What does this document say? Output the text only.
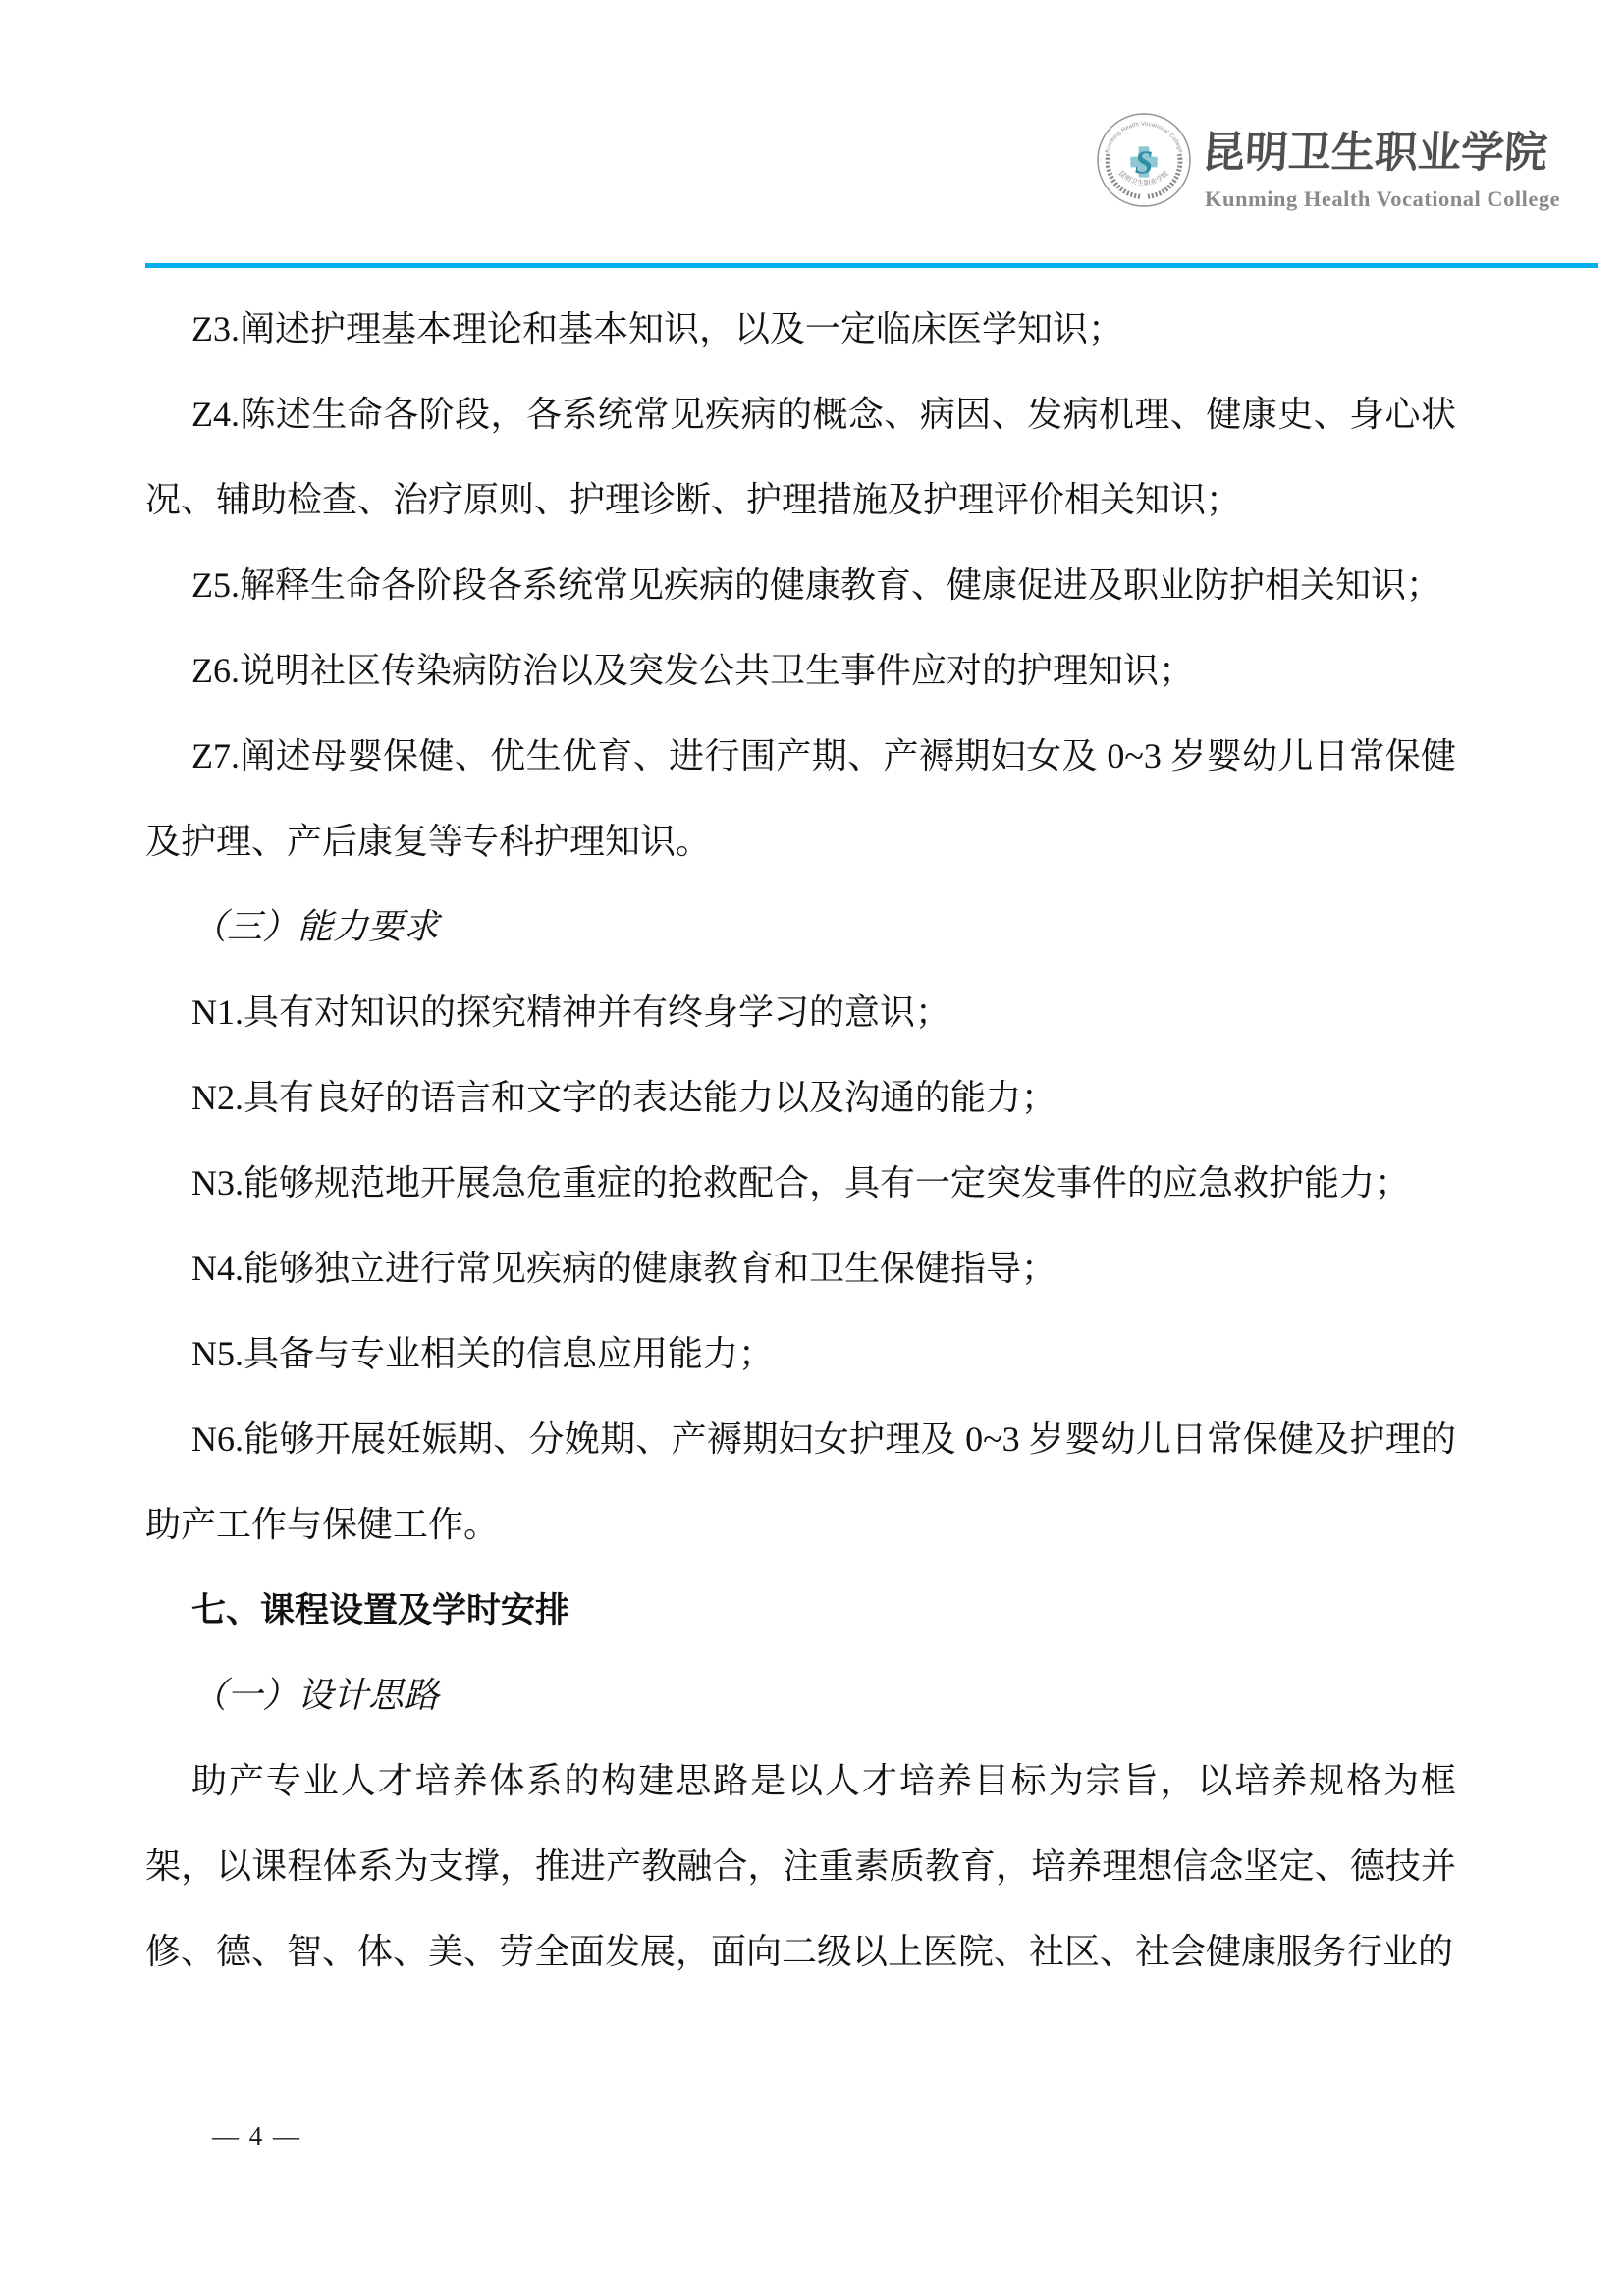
Kunming Health Vocational College
S
昆明卫生职业学院 昆明卫生职业学院
Kunming Health Vocational College

Z3.阐述护理基本理论和基本知识，以及一定临床医学知识；

Z4.陈述生命各阶段，各系统常见疾病的概念、病因、发病机理、健康史、身心状况、辅助检查、治疗原则、护理诊断、护理措施及护理评价相关知识；

Z5.解释生命各阶段各系统常见疾病的健康教育、健康促进及职业防护相关知识；

Z6.说明社区传染病防治以及突发公共卫生事件应对的护理知识；

Z7.阐述母婴保健、优生优育、进行围产期、产褥期妇女及 0~3 岁婴幼儿日常保健及护理、产后康复等专科护理知识。

（三）能力要求

N1.具有对知识的探究精神并有终身学习的意识；

N2.具有良好的语言和文字的表达能力以及沟通的能力；

N3.能够规范地开展急危重症的抢救配合，具有一定突发事件的应急救护能力；

N4.能够独立进行常见疾病的健康教育和卫生保健指导；

N5.具备与专业相关的信息应用能力；

N6.能够开展妊娠期、分娩期、产褥期妇女护理及 0~3 岁婴幼儿日常保健及护理的助产工作与保健工作。

七、课程设置及学时安排

（一）设计思路

助产专业人才培养体系的构建思路是以人才培养目标为宗旨，以培养规格为框架，以课程体系为支撑，推进产教融合，注重素质教育，培养理想信念坚定、德技并修、德、智、体、美、劳全面发展，面向二级以上医院、社区、社会健康服务行业的

— 4 —
